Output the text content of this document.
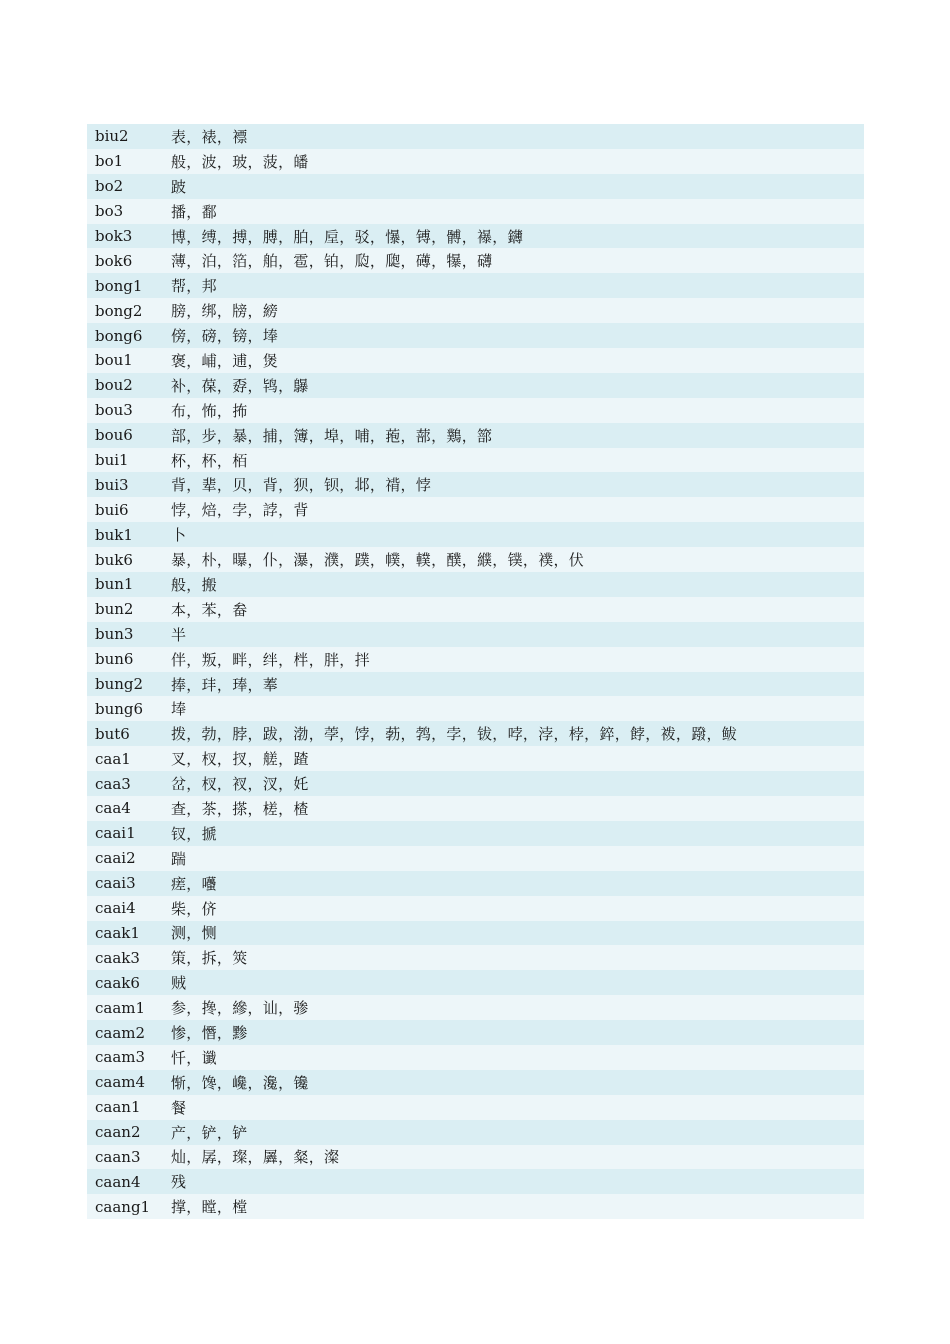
biu2	表，裱，褾
bo1	般，波，玻，菠，皤
bo2	跛
bo3	播，鄱
bok3	博，缚，搏，膊，胉，垕，驳，懪，镈，髆，襮，鑮
bok6	薄，泊，箔，舶，雹，铂，瓝，瓟，礡，犦，礴
bong1	帮，邦
bong2	膀，绑，牓，縍
bong6	傍，磅，镑，埲
bou1	褒，峬，逋，煲
bou2	补，葆，孬，鸨，鸔
bou3	布，怖，抪
bou6	部，步，暴，捕，簿，埠，哺，菢，蔀，䴆，篰
bui1	杯，杯，栢
bui3	背，辈，贝，背，狈，钡，邶，禙，悖
bui6	悖，焙，孛，誖，背
buk1	卜
buk6	暴，朴，曝，仆，瀑，濮，蹼，幞，轐，醭，纀，镤，襆，伏
bun1	般，搬
bun2	本，苯，畚
bun3	半
bun6	伴，叛，畔，绊，柈，胖，拌
bung2	捧，玤，琫，菶
bung6	埲
but6	拨，勃，脖，跋，渤，荸，饽，葧，鹁，孛，钹，哱，浡，桲，錊，餑，袯，蹳，鲅
caa1	叉，杈，扠，艖，蹅
caa3	岔，杈，衩，汊，奼
caa4	查，茶，搽，槎，楂
caai1	钗，搋
caai2	踹
caai3	瘥，囆
caai4	柴，侪
caak1	测，恻
caak3	策，拆，筴
caak6	贼
caam1	参，搀，縿，讪，骖
caam2	惨，憯，黪
caam3	忏，谶
caam4	惭，馋，巉，瀺，镵
caan1	餐
caan2	产，铲，铲
caan3	灿，孱，璨，羼，粲，澯
caan4	残
caang1	撑，瞠，樘
